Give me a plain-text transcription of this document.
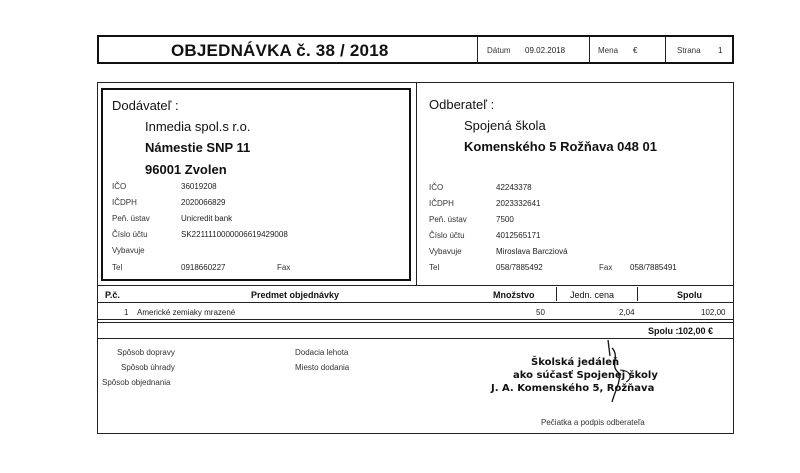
OBJEDNÁVKA č. 38 / 2018	Dátum 09.02.2018	Mena €	Strana 1
Dodávateľ :
Inmedia spol.s r.o.
Námestie SNP 11
96001 Zvolen
IČO	36019208
IČDPH	2020066829
Peň. ústav	Unicredit bank
Číslo účtu	SK2211110000006619429008
Vybavuje
Tel	0918660227	Fax
Odberateľ :
Spojená škola
Komenského 5 Rožňava 048 01
IČO	42243378
IČDPH	2023332641
Peň. ústav	7500
Číslo účtu	4012565171
Vybavuje	Miroslava Barcziová
Tel	058/7885492	Fax 058/7885491
P.č.	Predmet objednávky	Množstvo	Jedn. cena	Spolu
1 Americké zemiaky mrazené	50	2,04	102,00
Spolu : 102,00 €
Spôsob dopravy
Spôsob úhrady
Spôsob objednania
Dodacia lehota
Miesto dodania	Školská jedáleň
ako súčasť Spojenej školy
J. A. Komenského 5, Rožňava
Pečiatka a podpis odberateľa
